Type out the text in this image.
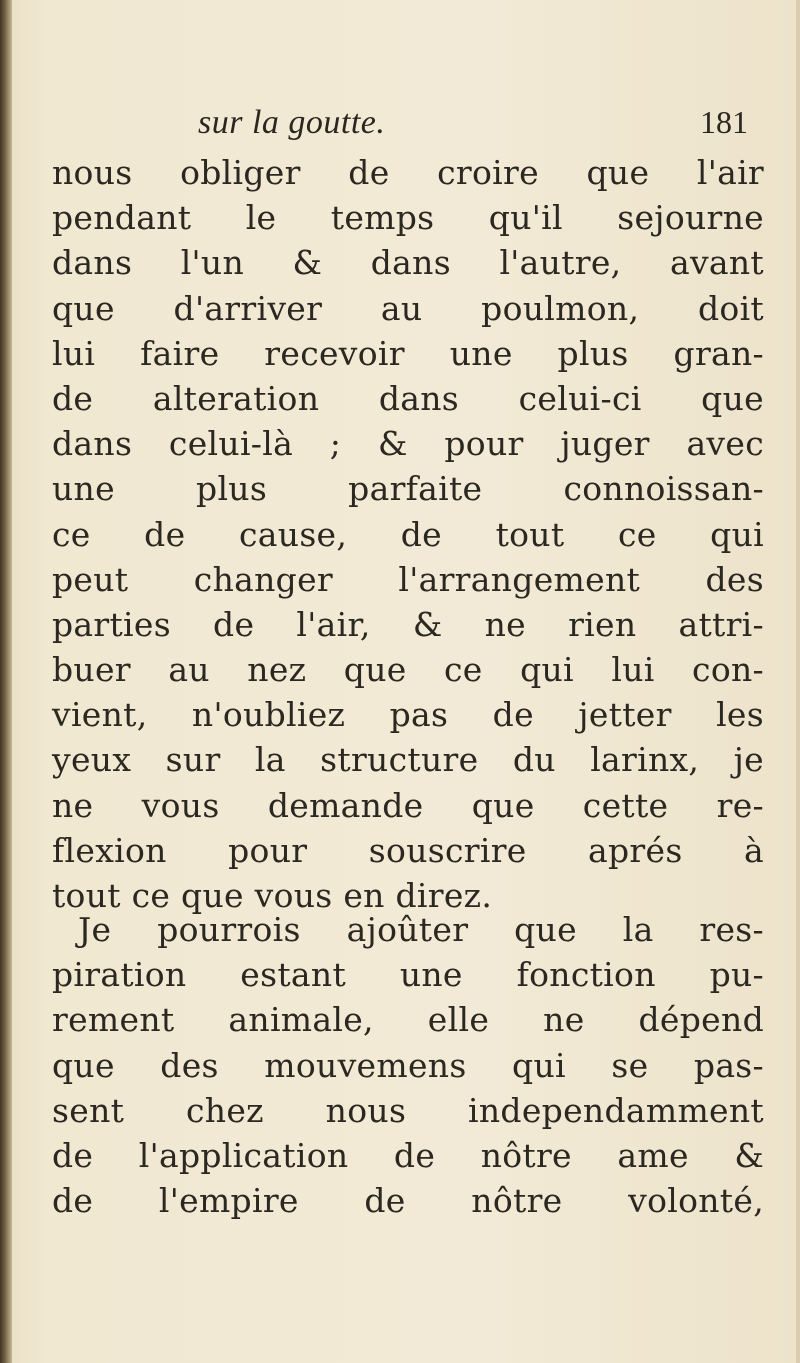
sur la goutte.	181
nous obliger de croire que l'air
pendant le temps qu'il sejourne
dans l'un & dans l'autre, avant
que d'arriver au poulmon, doit
lui faire recevoir une plus gran-
de alteration dans celui-ci que
dans celui-là ; & pour juger avec
une plus parfaite connoissan-
ce de cause, de tout ce qui
peut changer l'arrangement des
parties de l'air, & ne rien attri-
buer au nez que ce qui lui con-
vient, n'oubliez pas de jetter les
yeux sur la structure du larinx, je
ne vous demande que cette re-
flexion pour souscrire aprés à
tout ce que vous en direz.
Je pourrois ajoûter que la res-
piration estant une fonction pu-
rement animale, elle ne dépend
que des mouvemens qui se pas-
sent chez nous independamment
de l'application de nôtre ame &
de l'empire de nôtre volonté,
